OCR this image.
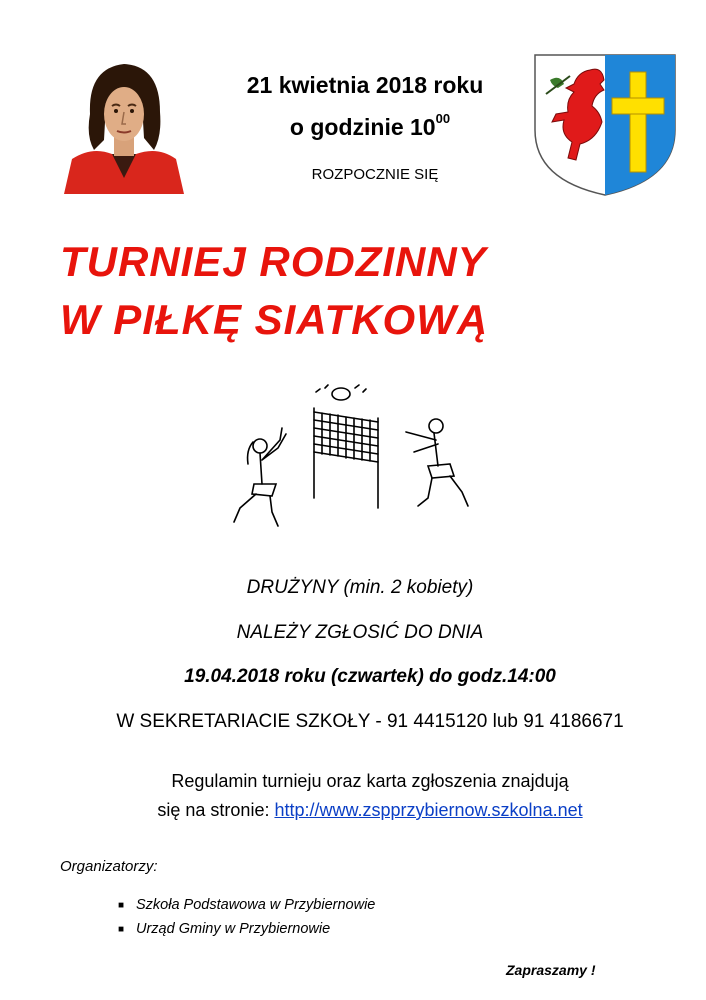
21 kwietnia 2018 roku
o godzinie $10^{00}$
ROZPOCZNIE SIĘ
TURNIEJ RODZINNY
W PIŁKĘ SIATKOWĄ
DRUŻYNY (min. 2 kobiety)
NALEŻY ZGŁOSIĆ DO DNIA
19.04.2018 roku (czwartek) do godz.14:00
W SEKRETARIACIE SZKOŁY - 91 4415120 lub 91 4186671
Regulamin turnieju oraz karta zgłoszenia znajdują
się na stronie: http://www.zspprzybiernow.szkolna.net
Organizatorzy:
■ Szkoła Podstawowa w Przybiernowie
■ Urząd Gminy w Przybiernowie
Zapraszamy !
